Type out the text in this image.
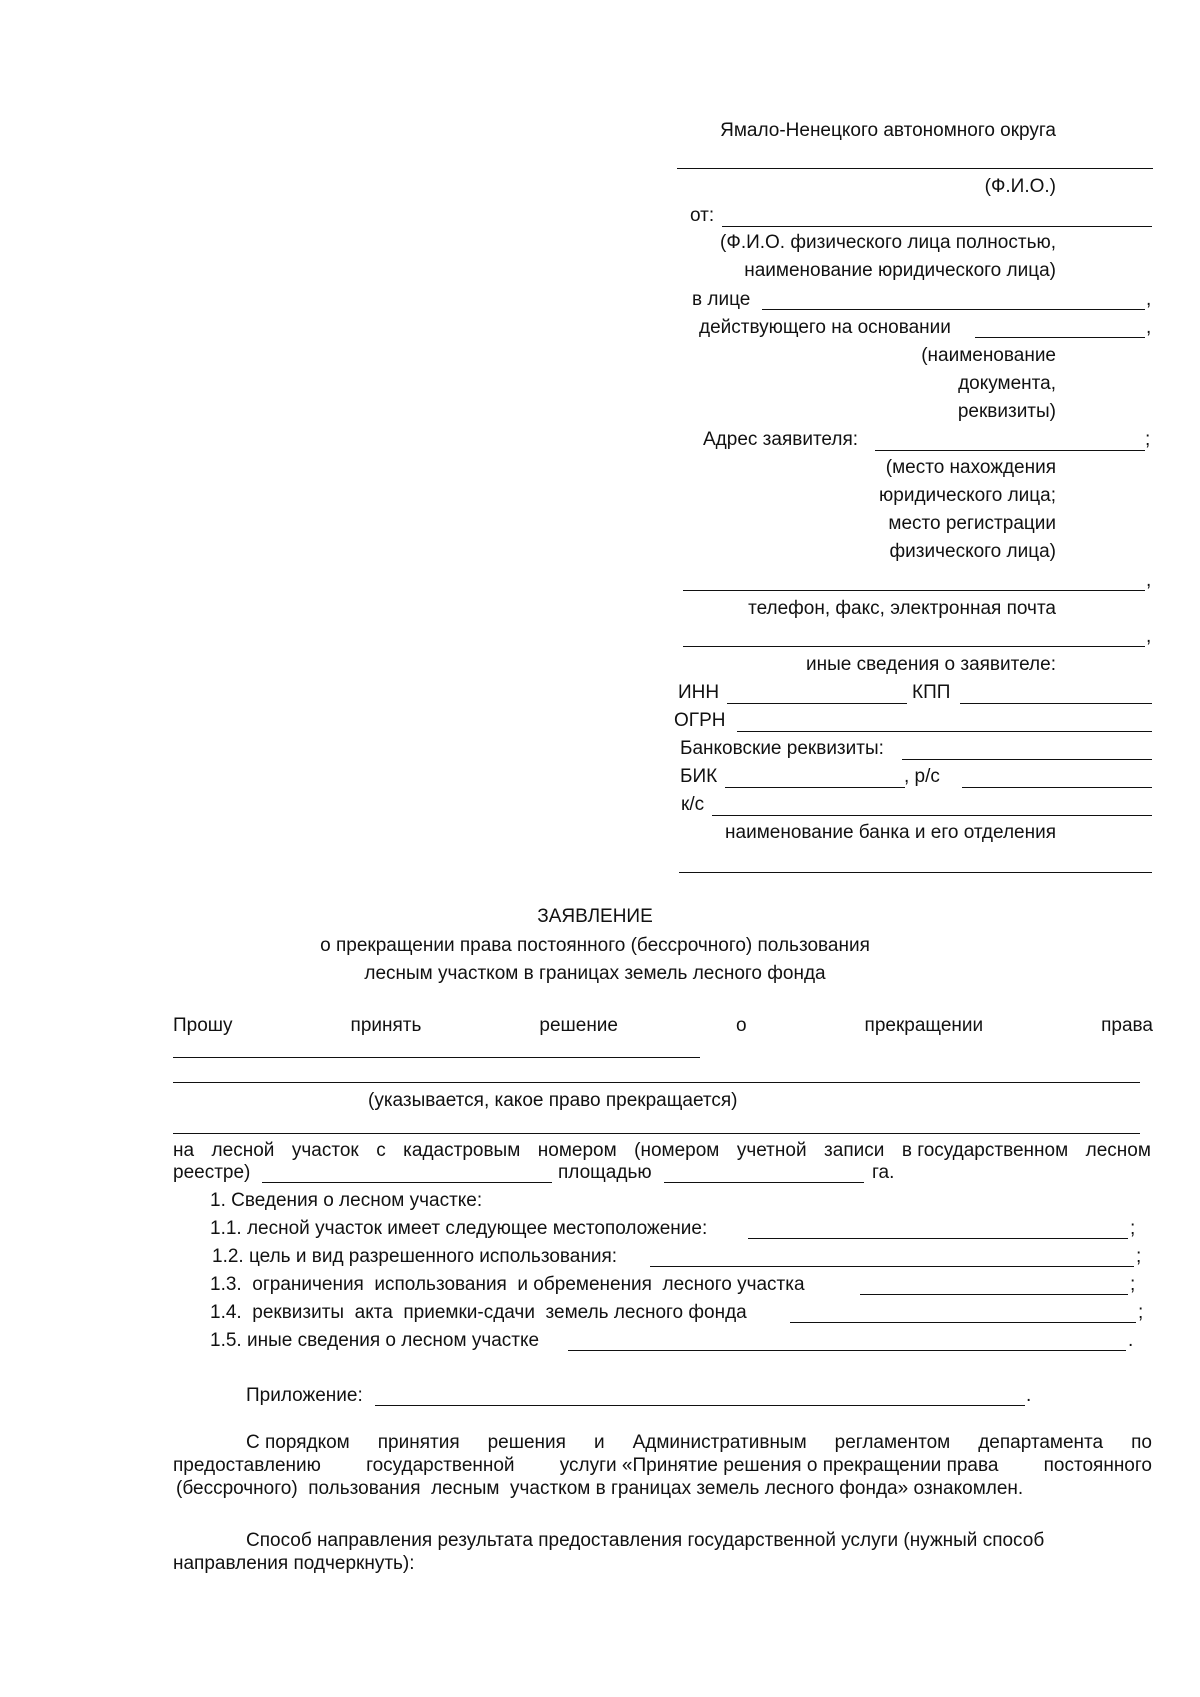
Ямало-Ненецкого автономного округа
(Ф.И.О.)
от:
(Ф.И.О. физического лица полностью,
наименование юридического лица)
в лице	,
действующего на основании	,
(наименование
документа,
реквизиты)
Адрес заявителя:	;
(место нахождения
юридического лица;
место регистрации
физического лица)
,
телефон, факс, электронная почта
,
иные сведения о заявителе:
ИНН	КПП
ОГРН
Банковские реквизиты:
БИК	, р/с
к/с
наименование банка и его отделения
ЗАЯВЛЕНИЕ
о прекращении права постоянного (бессрочного) пользования
лесным участком в границах земель лесного фонда
Прошу	принять	решение	о	прекращении	права
(указывается, какое право прекращается)
на лесной участок с кадастровым номером (номером учетной записи в государственном лесном
реестре)	площадью	га.
1. Сведения о лесном участке:
1.1. лесной участок имеет следующее местоположение:	;
1.2. цель и вид разрешенного использования:	;
1.3.  ограничения  использования  и обременения  лесного участка	;
1.4.  реквизиты  акта  приемки-сдачи  земель лесного фонда	;
1.5. иные сведения о лесном участке	.
Приложение:	.
С порядком принятия решения и Административным регламентом департамента по
предоставлению государственной услуги «Принятие решения о прекращении права постоянного
(бессрочного)  пользования  лесным  участком в границах земель лесного фонда» ознакомлен.
Способ направления результата предоставления государственной услуги (нужный способ
направления подчеркнуть):
